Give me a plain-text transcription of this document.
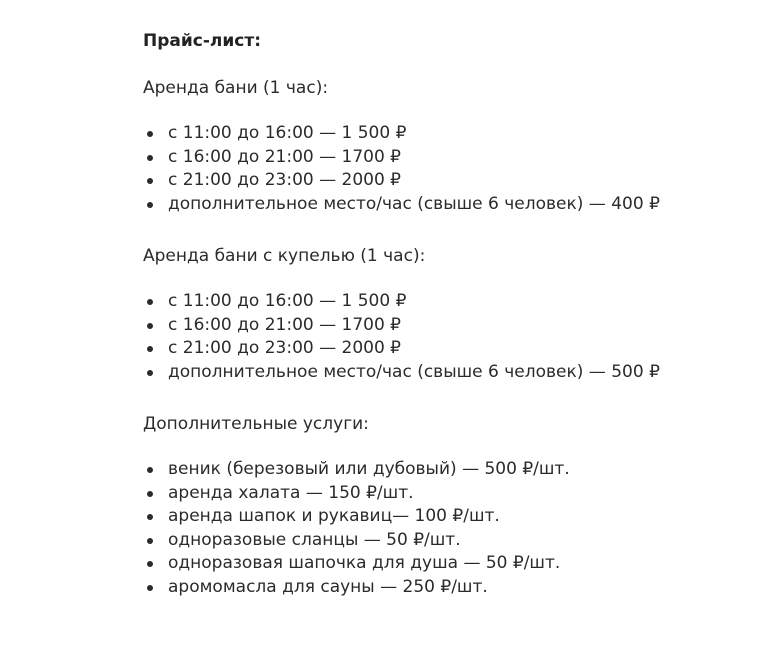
Прайс-лист:
Аренда бани (1 час):
с 11:00 до 16:00 — 1 500 ₽
с 16:00 до 21:00 — 1700 ₽
с 21:00 до 23:00 — 2000 ₽
дополнительное место/час (свыше 6 человек) — 400 ₽
Аренда бани с купелью (1 час):
с 11:00 до 16:00 — 1 500 ₽
с 16:00 до 21:00 — 1700 ₽
с 21:00 до 23:00 — 2000 ₽
дополнительное место/час (свыше 6 человек) — 500 ₽
Дополнительные услуги:
веник (березовый или дубовый) — 500 ₽/шт.
аренда халата — 150 ₽/шт.
аренда шапок и рукавиц— 100 ₽/шт.
одноразовые сланцы — 50 ₽/шт.
одноразовая шапочка для душа — 50 ₽/шт.
аромомасла для сауны — 250 ₽/шт.
